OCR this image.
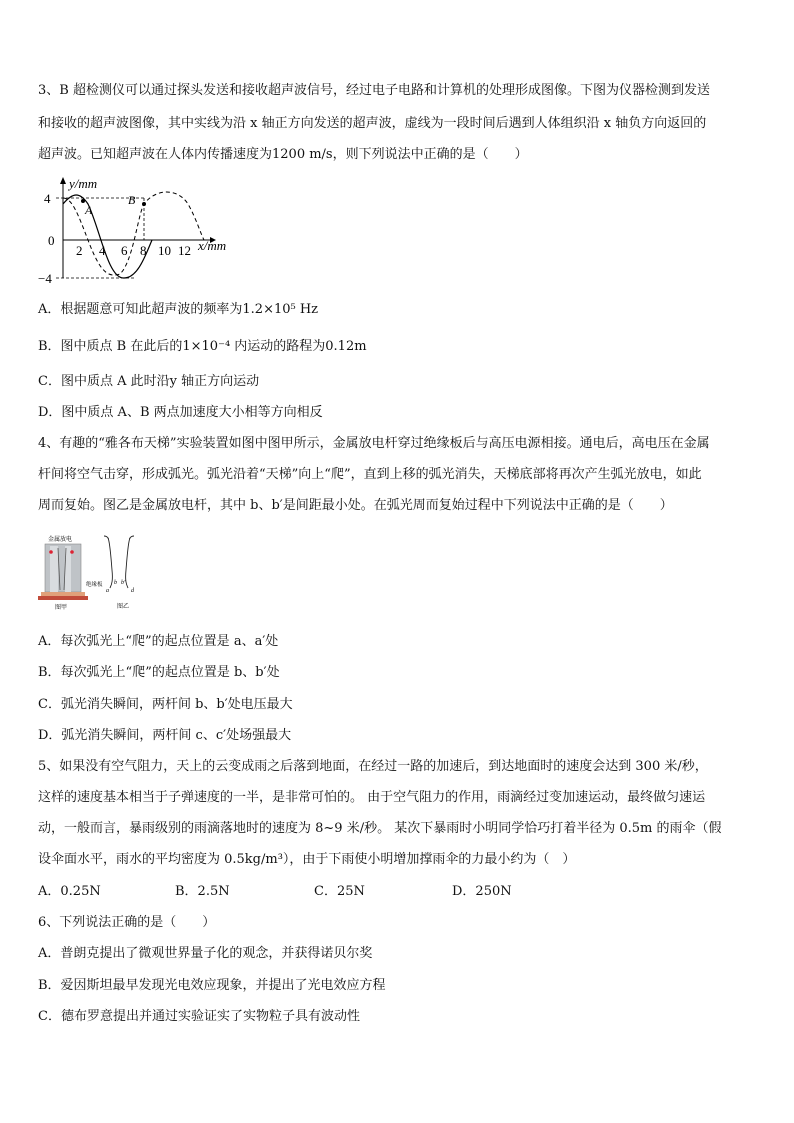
3、B 超检测仪可以通过探头发送和接收超声波信号，经过电子电路和计算机的处理形成图像。下图为仪器检测到发送
和接收的超声波图像，其中实线为沿 x 轴正方向发送的超声波，虚线为一段时间后遇到人体组织沿 x 轴负方向返回的
超声波。已知超声波在人体内传播速度为1200 m/s，则下列说法中正确的是（　　）
y/mm
x/mm
4
0
−4
2 4 6 8 10 12
A
B
A．根据题意可知此超声波的频率为1.2×10⁵ Hz
B．图中质点 B 在此后的1×10⁻⁴ 内运动的路程为0.12m
C．图中质点 A 此时沿y 轴正方向运动
D．图中质点 A、B 两点加速度大小相等方向相反
4、有趣的“雅各布天梯”实验装置如图中图甲所示，金属放电杆穿过绝缘板后与高压电源相接。通电后，高电压在金属
杆间将空气击穿，形成弧光。弧光沿着“天梯”向上“爬”，直到上移的弧光消失，天梯底部将再次产生弧光放电，如此
周而复始。图乙是金属放电杆，其中 b、b′是间距最小处。在弧光周而复始过程中下列说法中正确的是（　　）
金属放电
绝缘板
图甲
a
b b′
d
图乙
A．每次弧光上“爬”的起点位置是 a、a′处
B．每次弧光上“爬”的起点位置是 b、b′处
C．弧光消失瞬间，两杆间 b、b′处电压最大
D．弧光消失瞬间，两杆间 c、c′处场强最大
5、如果没有空气阻力，天上的云变成雨之后落到地面，在经过一路的加速后，到达地面时的速度会达到 300 米/秒，
这样的速度基本相当于子弹速度的一半，是非常可怕的。 由于空气阻力的作用，雨滴经过变加速运动，最终做匀速运
动，一般而言，暴雨级别的雨滴落地时的速度为 8~9 米/秒。 某次下暴雨时小明同学恰巧打着半径为 0.5m 的雨伞（假
设伞面水平，雨水的平均密度为 0.5kg/m³），由于下雨使小明增加撑雨伞的力最小约为（　）
A．0.25N	B．2.5N	C．25N	D．250N
6、下列说法正确的是（　　）
A．普朗克提出了微观世界量子化的观念，并获得诺贝尔奖
B．爱因斯坦最早发现光电效应现象，并提出了光电效应方程
C．德布罗意提出并通过实验证实了实物粒子具有波动性
